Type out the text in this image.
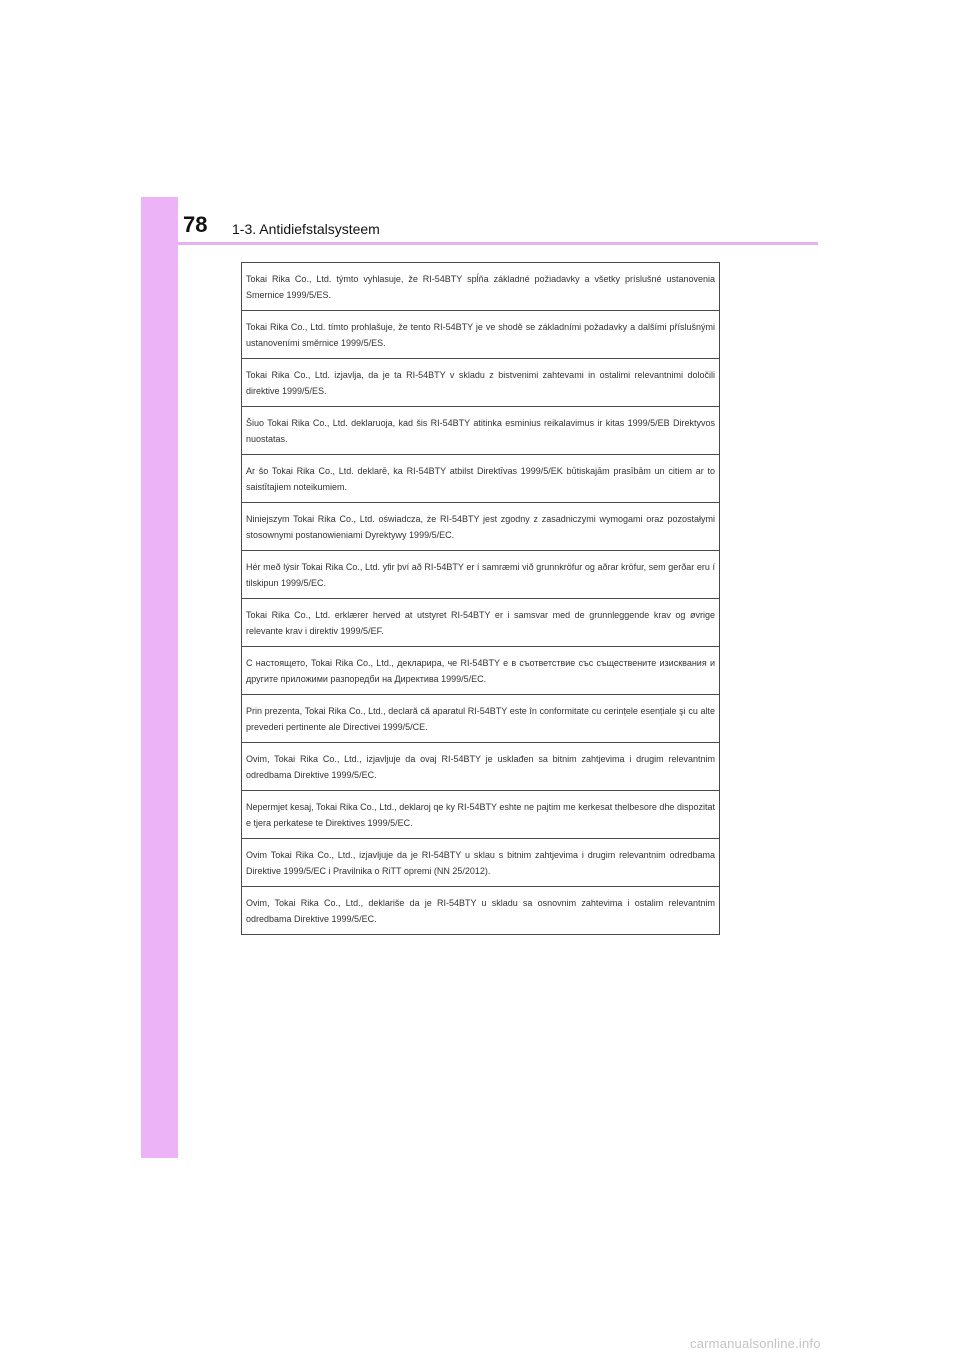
78 1-3. Antidiefstalsysteem
Tokai Rika Co., Ltd. týmto vyhlasuje, že RI-54BTY spĺňa základné požiadavky a všetky príslušné ustanovenia Smernice 1999/5/ES.
Tokai Rika Co., Ltd. tímto prohlašuje, že tento RI-54BTY je ve shodě se základními požadavky a dalšími příslušnými ustanoveními směrnice 1999/5/ES.
Tokai Rika Co., Ltd. izjavlja, da je ta RI-54BTY v skladu z bistvenimi zahtevami in ostalimi relevantnimi določili direktive 1999/5/ES.
Šiuo Tokai Rika Co., Ltd. deklaruoja, kad šis RI-54BTY atitinka esminius reikalavimus ir kitas 1999/5/EB Direktyvos nuostatas.
Ar šo Tokai Rika Co., Ltd. deklarē, ka RI-54BTY atbilst Direktīvas 1999/5/EK būtiskajām prasībām un citiem ar to saistītajiem noteikumiem.
Niniejszym Tokai Rika Co., Ltd. oświadcza, że RI-54BTY jest zgodny z zasadniczymi wymogami oraz pozostałymi stosownymi postanowieniami Dyrektywy 1999/5/EC.
Hér með lýsir Tokai Rika Co., Ltd. yfir því að RI-54BTY er í samræmi við grunnkröfur og aðrar kröfur, sem gerðar eru í tilskipun 1999/5/EC.
Tokai Rika Co., Ltd. erklærer herved at utstyret RI-54BTY er i samsvar med de grunnleggende krav og øvrige relevante krav i direktiv 1999/5/EF.
С настоящето, Tokai Rika Co., Ltd., декларира, че RI-54BTY е в съответствие със съществените изисквания и другите приложими разпоредби на Директива 1999/5/EC.
Prin prezenta, Tokai Rika Co., Ltd., declară că aparatul RI-54BTY este în conformitate cu cerințele esențiale şi cu alte prevederi pertinente ale Directivei 1999/5/CE.
Ovim, Tokai Rika Co., Ltd., izjavljuje da ovaj RI-54BTY je usklađen sa bitnim zahtjevima i drugim relevantnim odredbama Direktive 1999/5/EC.
Nepermjet kesaj, Tokai Rika Co., Ltd., deklaroj qe ky RI-54BTY eshte ne pajtim me kerkesat thelbesore dhe dispozitat e tjera perkatese te Direktives 1999/5/EC.
Ovim Tokai Rika Co., Ltd., izjavljuje da je RI-54BTY u sklau s bitnim zahtjevima i drugim relevantnim odredbama Direktive 1999/5/EC i Pravilnika o RiTT opremi (NN 25/2012).
Ovim, Tokai Rika Co., Ltd., deklariše da je RI-54BTY u skladu sa osnovnim zahtevima i ostalim relevantnim odredbama Direktive 1999/5/EC.
carmanualsonline.info
